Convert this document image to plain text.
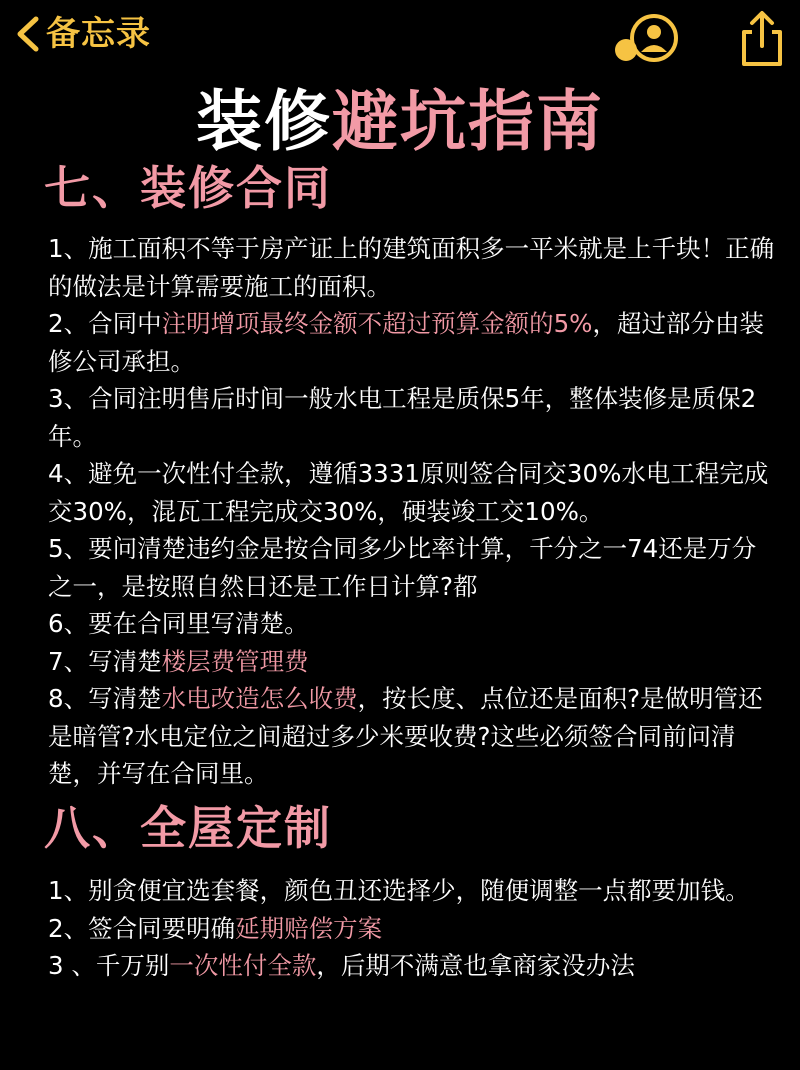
备忘录
装修避坑指南
七、装修合同
1、施工面积不等于房产证上的建筑面积多一平米就是上千块！正确的做法是计算需要施工的面积。
2、合同中注明增项最终金额不超过预算金额的5%，超过部分由装修公司承担。
3、合同注明售后时间一般水电工程是质保5年，整体装修是质保2年。
4、避免一次性付全款，遵循3331原则签合同交30%水电工程完成交30%，混瓦工程完成交30%，硬装竣工交10%。
5、要问清楚违约金是按合同多少比率计算，千分之一74还是万分之一，是按照自然日还是工作日计算?都
6、要在合同里写清楚。
7、写清楚楼层费管理费
8、写清楚水电改造怎么收费，按长度、点位还是面积?是做明管还是暗管?水电定位之间超过多少米要收费?这些必须签合同前问清楚，并写在合同里。
八、全屋定制
1、别贪便宜选套餐，颜色丑还选择少，随便调整一点都要加钱。
2、签合同要明确延期赔偿方案
3 、千万别一次性付全款，后期不满意也拿商家没办法
